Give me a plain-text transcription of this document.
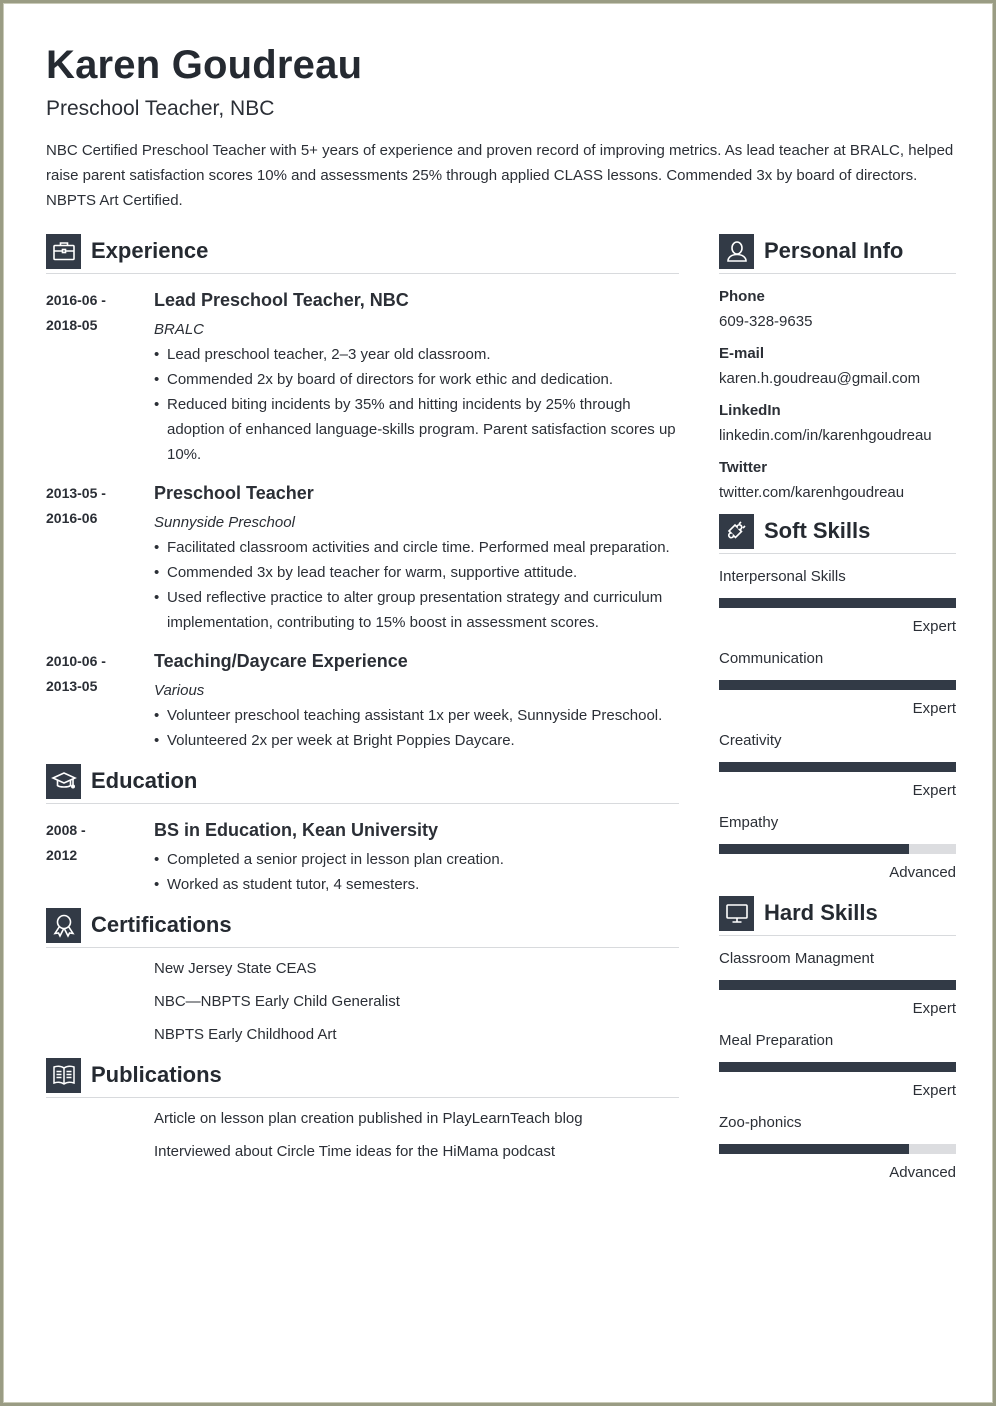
Karen Goudreau
Preschool Teacher, NBC
NBC Certified Preschool Teacher with 5+ years of experience and proven record of improving metrics. As lead teacher at BRALC, helped raise parent satisfaction scores 10% and assessments 25% through applied CLASS lessons. Commended 3x by board of directors. NBPTS Art Certified.
Experience
2016-06 -
2018-05
Lead Preschool Teacher, NBC
BRALC
• Lead preschool teacher, 2–3 year old classroom.
• Commended 2x by board of directors for work ethic and dedication.
• Reduced biting incidents by 35% and hitting incidents by 25% through adoption of enhanced language-skills program. Parent satisfaction scores up 10%.
2013-05 -
2016-06
Preschool Teacher
Sunnyside Preschool
• Facilitated classroom activities and circle time. Performed meal preparation.
• Commended 3x by lead teacher for warm, supportive attitude.
• Used reflective practice to alter group presentation strategy and curriculum implementation, contributing to 15% boost in assessment scores.
2010-06 -
2013-05
Teaching/Daycare Experience
Various
• Volunteer preschool teaching assistant 1x per week, Sunnyside Preschool.
• Volunteered 2x per week at Bright Poppies Daycare.
Education
2008 -
2012
BS in Education, Kean University
• Completed a senior project in lesson plan creation.
• Worked as student tutor, 4 semesters.
Certifications
New Jersey State CEAS
NBC—NBPTS Early Child Generalist
NBPTS Early Childhood Art
Publications
Article on lesson plan creation published in PlayLearnTeach blog
Interviewed about Circle Time ideas for the HiMama podcast
Personal Info
Phone
609-328-9635
E-mail
karen.h.goudreau@gmail.com
LinkedIn
linkedin.com/in/karenhgoudreau
Twitter
twitter.com/karenhgoudreau
Soft Skills
Interpersonal Skills
Expert
Communication
Expert
Creativity
Expert
Empathy
Advanced
Hard Skills
Classroom Managment
Expert
Meal Preparation
Expert
Zoo-phonics
Advanced
